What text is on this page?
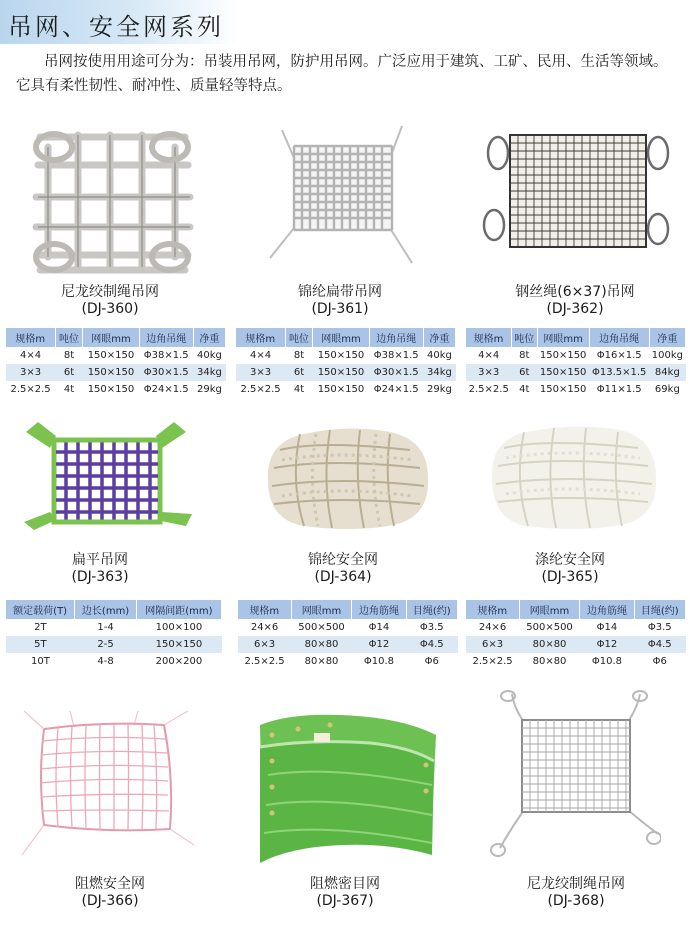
吊网、安全网系列
吊网按使用用途可分为：吊装用吊网，防护用吊网。广泛应用于建筑、工矿、民用、生活等领域。它具有柔性韧性、耐冲性、质量轻等特点。
尼龙绞制绳吊网
(DJ-360)
锦纶扁带吊网
(DJ-361)
钢丝绳(6×37)吊网
(DJ-362)
规格m	吨位	网眼mm	边角吊绳	净重
4×4	8t	150×150	Φ38×1.5	40kg
3×3	6t	150×150	Φ30×1.5	34kg
2.5×2.5	4t	150×150	Φ24×1.5	29kg
规格m	吨位	网眼mm	边角吊绳	净重
4×4	8t	150×150	Φ38×1.5	40kg
3×3	6t	150×150	Φ30×1.5	34kg
2.5×2.5	4t	150×150	Φ24×1.5	29kg
规格m	吨位	网眼mm	边角吊绳	净重
4×4	8t	150×150	Φ16×1.5	100kg
3×3	6t	150×150	Φ13.5×1.5	84kg
2.5×2.5	4t	150×150	Φ11×1.5	69kg
扁平吊网
(DJ-363)
锦纶安全网
(DJ-364)
涤纶安全网
(DJ-365)
额定载荷(T)	边长(mm)	网隔间距(mm)
2T	1-4	100×100
5T	2-5	150×150
10T	4-8	200×200
规格m	网眼mm	边角筋绳	目绳(约)
24×6	500×500	Φ14	Φ3.5
6×3	80×80	Φ12	Φ4.5
2.5×2.5	80×80	Φ10.8	Φ6
规格m	网眼mm	边角筋绳	目绳(约)
24×6	500×500	Φ14	Φ3.5
6×3	80×80	Φ12	Φ4.5
2.5×2.5	80×80	Φ10.8	Φ6
阻燃安全网
(DJ-366)
阻燃密目网
(DJ-367)
尼龙绞制绳吊网
(DJ-368)
